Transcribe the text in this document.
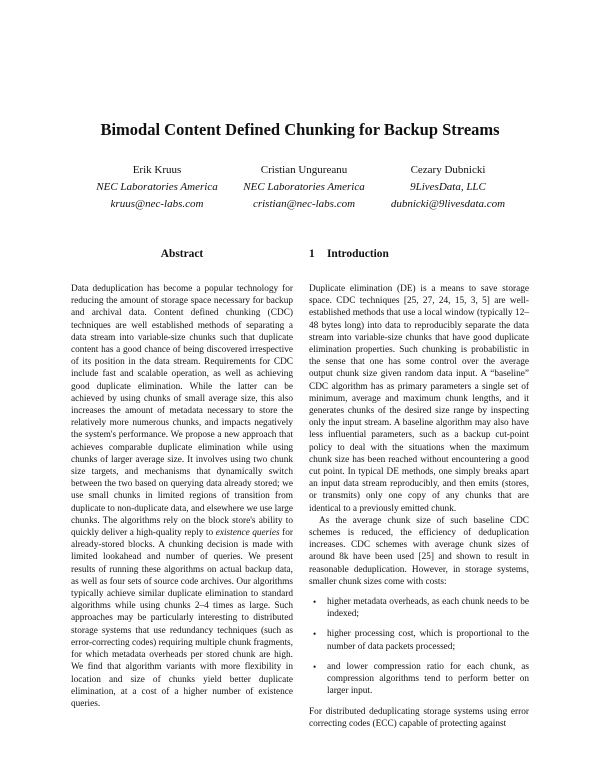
Bimodal Content Defined Chunking for Backup Streams
Erik Kruus
NEC Laboratories America
kruus@nec-labs.com
Cristian Ungureanu
NEC Laboratories America
cristian@nec-labs.com
Cezary Dubnicki
9LivesData, LLC
dubnicki@9livesdata.com
Abstract

Data deduplication has become a popular technology for reducing the amount of storage space necessary for backup and archival data. Content defined chunking (CDC) techniques are well established methods of separating a data stream into variable-size chunks such that duplicate content has a good chance of being discovered irrespective of its position in the data stream. Requirements for CDC include fast and scalable operation, as well as achieving good duplicate elimination. While the latter can be achieved by using chunks of small average size, this also increases the amount of metadata necessary to store the relatively more numerous chunks, and impacts negatively the system's performance. We propose a new approach that achieves comparable duplicate elimination while using chunks of larger average size. It involves using two chunk size targets, and mechanisms that dynamically switch between the two based on querying data already stored; we use small chunks in limited regions of transition from duplicate to non-duplicate data, and elsewhere we use large chunks. The algorithms rely on the block store's ability to quickly deliver a high-quality reply to existence queries for already-stored blocks. A chunking decision is made with limited lookahead and number of queries. We present results of running these algorithms on actual backup data, as well as four sets of source code archives. Our algorithms typically achieve similar duplicate elimination to standard algorithms while using chunks 2–4 times as large. Such approaches may be particularly interesting to distributed storage systems that use redundancy techniques (such as error-correcting codes) requiring multiple chunk fragments, for which metadata overheads per stored chunk are high. We find that algorithm variants with more flexibility in location and size of chunks yield better duplicate elimination, at a cost of a higher number of existence queries.

1 Introduction

Duplicate elimination (DE) is a means to save storage space. CDC techniques [25, 27, 24, 15, 3, 5] are well-established methods that use a local window (typically 12–48 bytes long) into data to reproducibly separate the data stream into variable-size chunks that have good duplicate elimination properties. Such chunking is probabilistic in the sense that one has some control over the average output chunk size given random data input. A “baseline” CDC algorithm has as primary parameters a single set of minimum, average and maximum chunk lengths, and it generates chunks of the desired size range by inspecting only the input stream. A baseline algorithm may also have less influential parameters, such as a backup cut-point policy to deal with the situations when the maximum chunk size has been reached without encountering a good cut point. In typical DE methods, one simply breaks apart an input data stream reproducibly, and then emits (stores, or transmits) only one copy of any chunks that are identical to a previously emitted chunk.

As the average chunk size of such baseline CDC schemes is reduced, the efficiency of deduplication increases. CDC schemes with average chunk sizes of around 8k have been used [25] and shown to result in reasonable deduplication. However, in storage systems, smaller chunk sizes come with costs:

• higher metadata overheads, as each chunk needs to be indexed;
• higher processing cost, which is proportional to the number of data packets processed;
• and lower compression ratio for each chunk, as compression algorithms tend to perform better on larger input.

For distributed deduplicating storage systems using error correcting codes (ECC) capable of protecting against
